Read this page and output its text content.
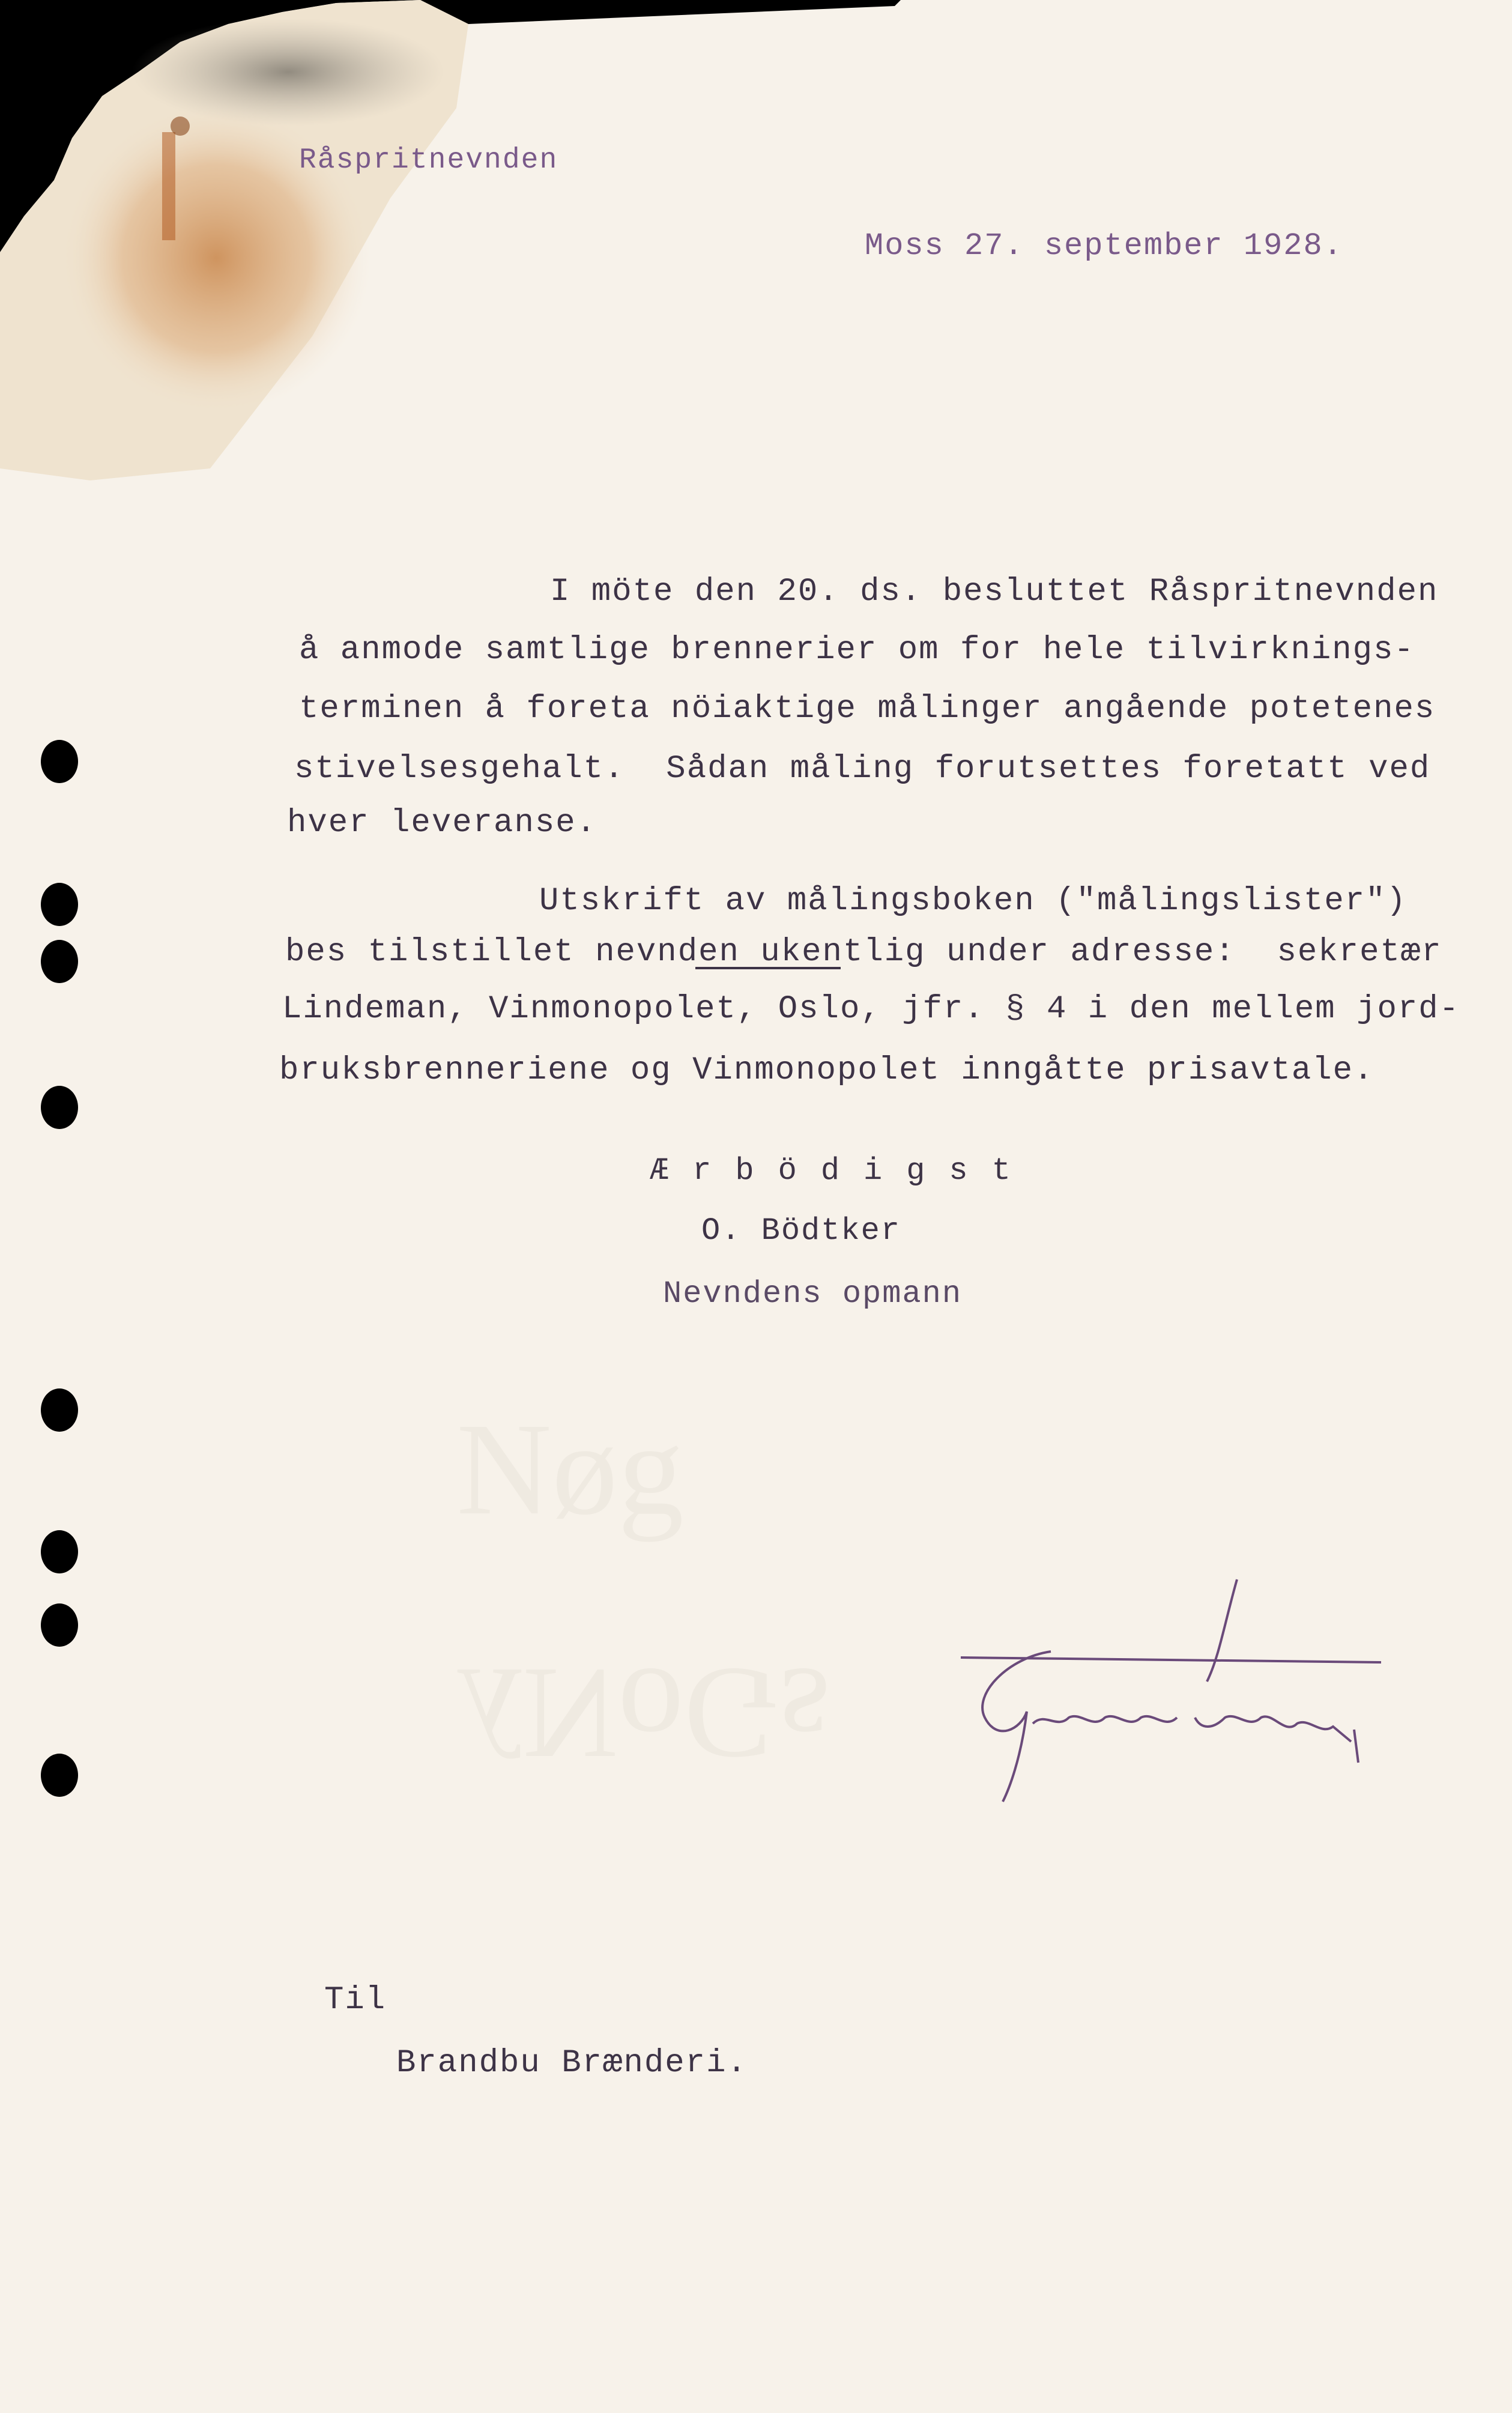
Nøg
ʎNoGs
Råspritnevnden
Moss 27. september 1928.
I möte den 20. ds. besluttet Råspritnevnden
å anmode samtlige brennerier om for hele tilvirknings-
terminen å foreta nöiaktige målinger angående potetenes
stivelsesgehalt.  Sådan måling forutsettes foretatt ved
hver leveranse.
Utskrift av målingsboken ("målingslister")
bes tilstillet nevnden ukentlig under adresse:  sekretær
Lindeman, Vinmonopolet, Oslo, jfr. § 4 i den mellem jord-
bruksbrenneriene og Vinmonopolet inngåtte prisavtale.
Ærbödigst
O. Bödtker
Nevndens opmann
Til
Brandbu Brænderi.
